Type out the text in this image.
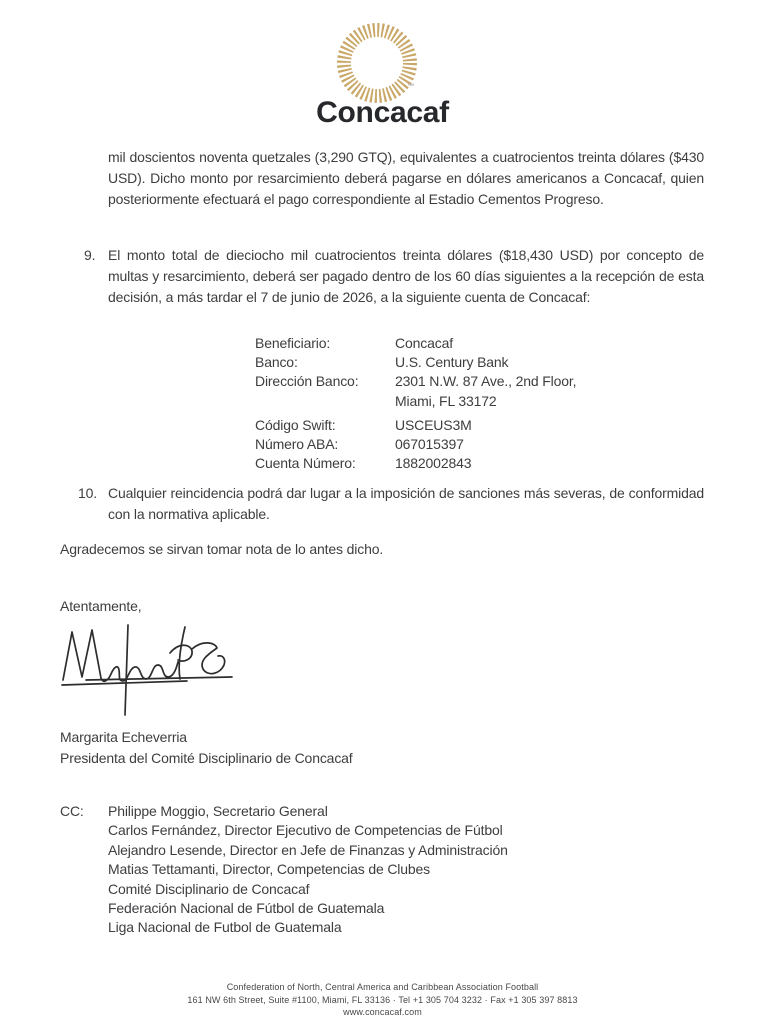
™
Concacaf

mil doscientos noventa quetzales (3,290 GTQ), equivalentes a cuatrocientos treinta dólares ($430 USD). Dicho monto por resarcimiento deberá pagarse en dólares americanos a Concacaf, quien posteriormente efectuará el pago correspondiente al Estadio Cementos Progreso.

9. El monto total de dieciocho mil cuatrocientos treinta dólares ($18,430 USD) por concepto de multas y resarcimiento, deberá ser pagado dentro de los 60 días siguientes a la recepción de esta decisión, a más tardar el 7 de junio de 2026, a la siguiente cuenta de Concacaf:

Beneficiario:	Concacaf
Banco:	U.S. Century Bank
Dirección Banco:	2301 N.W. 87 Ave., 2nd Floor,
Miami, FL 33172
Código Swift:	USCEUS3M
Número ABA:	067015397
Cuenta Número:	1882002843
10. Cualquier reincidencia podrá dar lugar a la imposición de sanciones más severas, de conformidad con la normativa aplicable.

Agradecemos se sirvan tomar nota de lo antes dicho.

Atentamente,

Margarita Echeverria
Presidenta del Comité Disciplinario de Concacaf
CC: Philippe Moggio, Secretario General
Carlos Fernández, Director Ejecutivo de Competencias de Fútbol
Alejandro Lesende, Director en Jefe de Finanzas y Administración
Matias Tettamanti, Director, Competencias de Clubes
Comité Disciplinario de Concacaf
Federación Nacional de Fútbol de Guatemala
Liga Nacional de Futbol de Guatemala
Confederation of North, Central America and Caribbean Association Football
161 NW 6th Street, Suite #1100, Miami, FL 33136 · Tel +1 305 704 3232 · Fax +1 305 397 8813
www.concacaf.com
